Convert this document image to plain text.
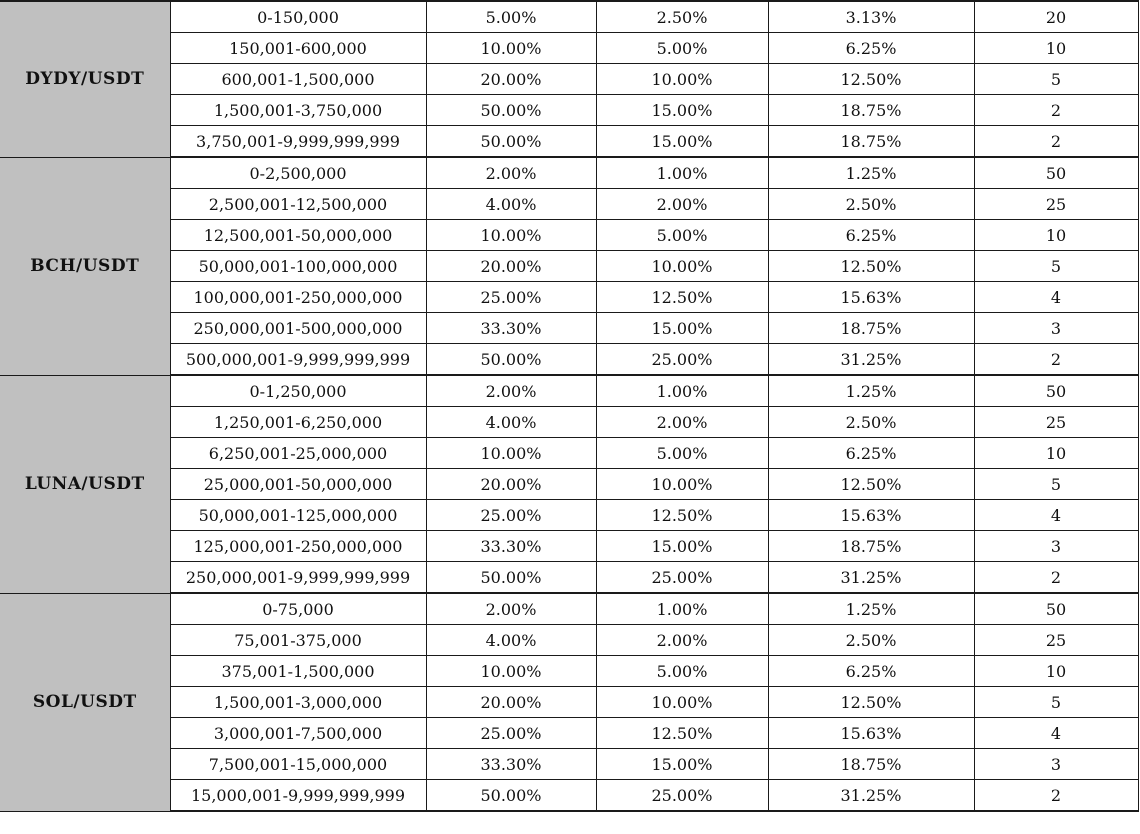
DYDY/USDT	0-150,000	5.00%	2.50%	3.13%	20
	150,001-600,000	10.00%	5.00%	6.25%	10
	600,001-1,500,000	20.00%	10.00%	12.50%	5
	1,500,001-3,750,000	50.00%	15.00%	18.75%	2
	3,750,001-9,999,999,999	50.00%	15.00%	18.75%	2
BCH/USDT	0-2,500,000	2.00%	1.00%	1.25%	50
	2,500,001-12,500,000	4.00%	2.00%	2.50%	25
	12,500,001-50,000,000	10.00%	5.00%	6.25%	10
	50,000,001-100,000,000	20.00%	10.00%	12.50%	5
	100,000,001-250,000,000	25.00%	12.50%	15.63%	4
	250,000,001-500,000,000	33.30%	15.00%	18.75%	3
	500,000,001-9,999,999,999	50.00%	25.00%	31.25%	2
LUNA/USDT	0-1,250,000	2.00%	1.00%	1.25%	50
	1,250,001-6,250,000	4.00%	2.00%	2.50%	25
	6,250,001-25,000,000	10.00%	5.00%	6.25%	10
	25,000,001-50,000,000	20.00%	10.00%	12.50%	5
	50,000,001-125,000,000	25.00%	12.50%	15.63%	4
	125,000,001-250,000,000	33.30%	15.00%	18.75%	3
	250,000,001-9,999,999,999	50.00%	25.00%	31.25%	2
SOL/USDT	0-75,000	2.00%	1.00%	1.25%	50
	75,001-375,000	4.00%	2.00%	2.50%	25
	375,001-1,500,000	10.00%	5.00%	6.25%	10
	1,500,001-3,000,000	20.00%	10.00%	12.50%	5
	3,000,001-7,500,000	25.00%	12.50%	15.63%	4
	7,500,001-15,000,000	33.30%	15.00%	18.75%	3
	15,000,001-9,999,999,999	50.00%	25.00%	31.25%	2
